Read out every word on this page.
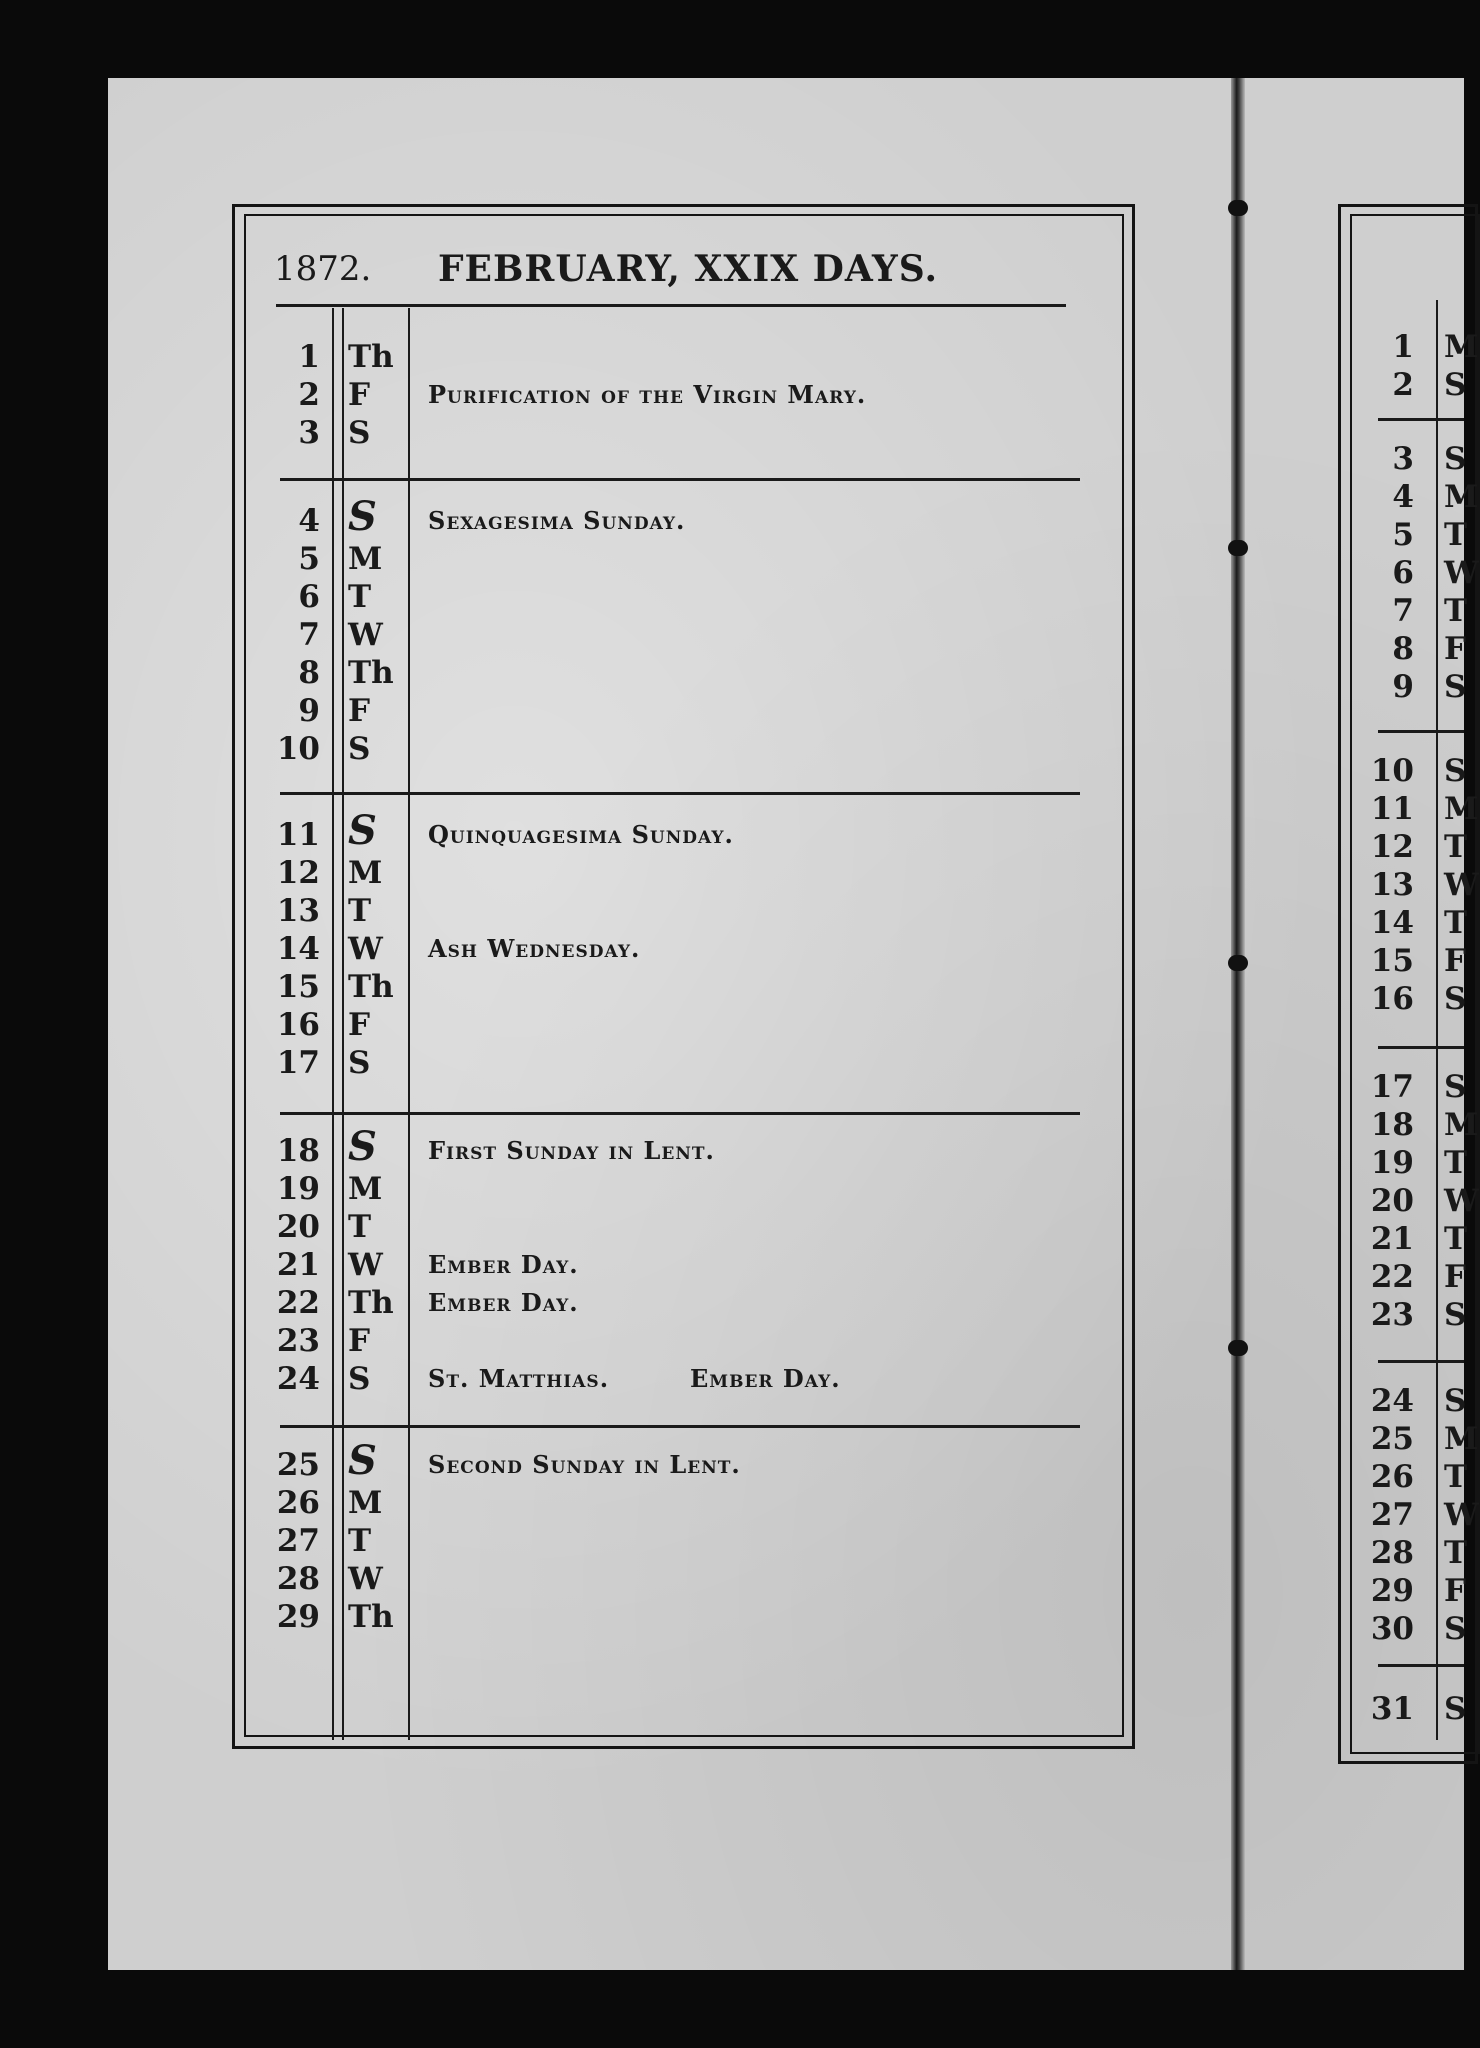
1872. FEBRUARY, XXIX DAYS.
1 Th
2 F	Purification of the Virgin Mary.
3 S
4 S	Sexagesima Sunday.
5 M
6 T
7 W
8 Th
9 F
10 S
11 S	Quinquagesima Sunday.
12 M
13 T
14 W	Ash Wednesday.
15 Th
16 F
17 S
18 S	First Sunday in Lent.
19 M
20 T
21 W	Ember Day.
22 Th	Ember Day.
23 F
24 S	St. Matthias.	Ember Day.
25 S	Second Sunday in Lent.
26 M
27 T
28 W
29 Th
1 M
2 S
3 S
4 M
5 T
6 W
7 T
8 F
9 S
10 S
11 M
12 T
13 W
14 T
15 F
16 S
17 S
18 M
19 T
20 W
21 T
22 F
23 S
24 S
25 M
26 T
27 W
28 T
29 F
30 S
31 S
